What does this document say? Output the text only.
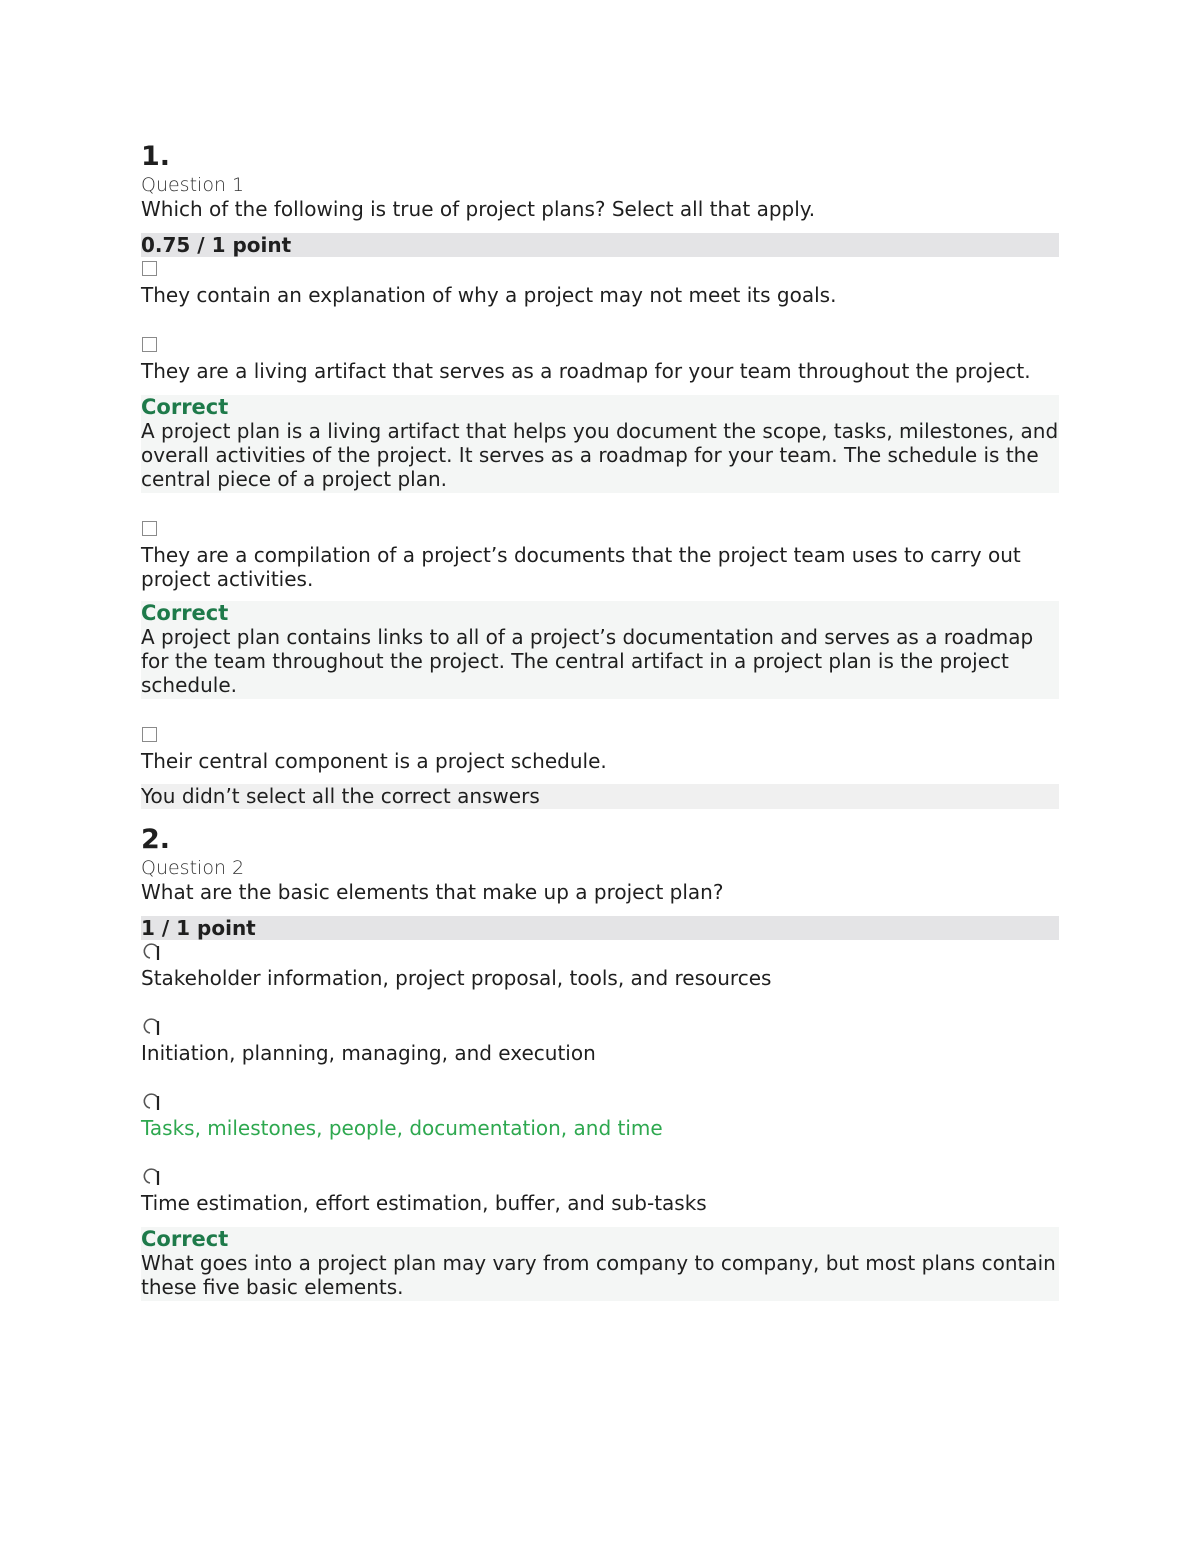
1.
Question 1
Which of the following is true of project plans? Select all that apply.
0.75 / 1 point
They contain an explanation of why a project may not meet its goals.
They are a living artifact that serves as a roadmap for your team throughout the project.
Correct
A project plan is a living artifact that helps you document the scope, tasks, milestones, and overall activities of the project. It serves as a roadmap for your team. The schedule is the central piece of a project plan.
They are a compilation of a project’s documents that the project team uses to carry out project activities.
Correct
A project plan contains links to all of a project’s documentation and serves as a roadmap for the team throughout the project. The central artifact in a project plan is the project schedule.
Their central component is a project schedule.
You didn’t select all the correct answers
2.
Question 2
What are the basic elements that make up a project plan?
1 / 1 point
Stakeholder information, project proposal, tools, and resources
Initiation, planning, managing, and execution
Tasks, milestones, people, documentation, and time
Time estimation, effort estimation, buffer, and sub-tasks
Correct
What goes into a project plan may vary from company to company, but most plans contain these five basic elements.
